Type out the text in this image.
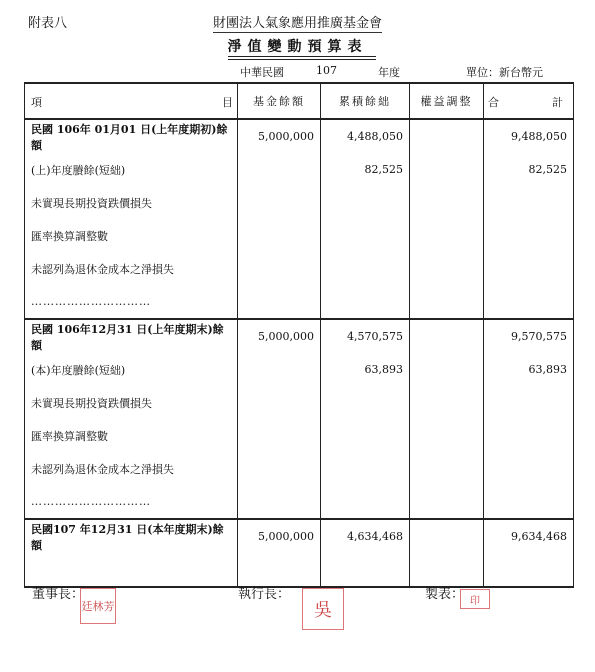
附表八	財團法人氣象應用推廣基金會
淨值變動預算表
中華民國	107	年度	單位：新台幣元
項 目	基金餘額	累積餘絀	權益調整	合 計

民國 106年 01月01 日(上年度期初)餘額	5,000,000	4,488,050		9,488,050
(上)年度賸餘(短絀)		82,525		82,525
未實現長期投資跌價損失				
匯率換算調整數				
未認列為退休金成本之淨損失				
…………………………				
民國 106年12月31 日(上年度期末)餘額	5,000,000	4,570,575		9,570,575
(本)年度賸餘(短絀)		63,893		63,893
未實現長期投資跌價損失				
匯率換算調整數				
未認列為退休金成本之淨損失				
…………………………				
民國107 年12月31 日(本年度期末)餘額	5,000,000	4,634,468		9,634,468

董事長：
廷林芳
執行長：
吳
製表： 印
